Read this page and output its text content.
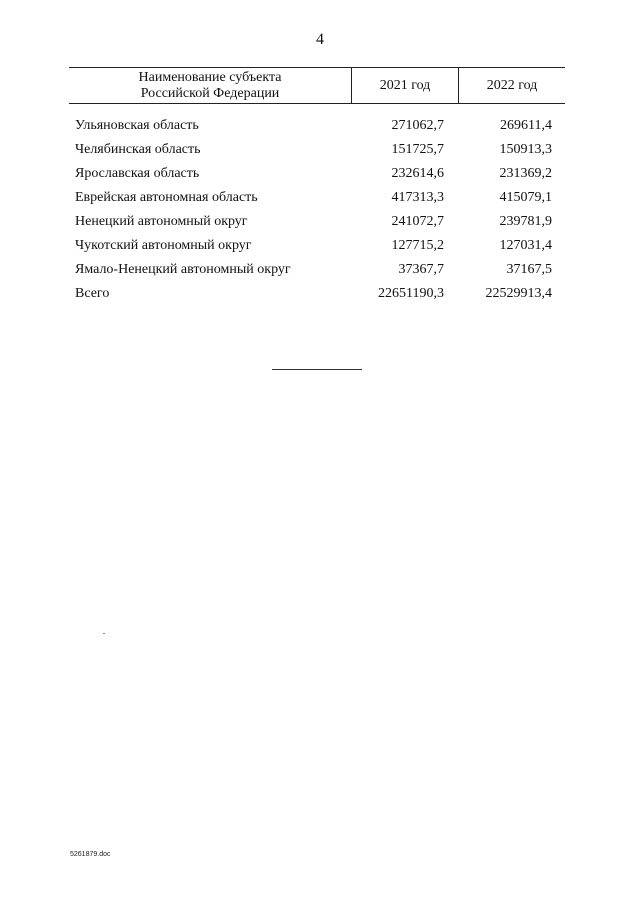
4
Наименование субъекта
Российской Федерации
2021 год	2022 год
Ульяновская область	271062,7	269611,4
Челябинская область	151725,7	150913,3
Ярославская область	232614,6	231369,2
Еврейская автономная область	417313,3	415079,1
Ненецкий автономный округ	241072,7	239781,9
Чукотский автономный округ	127715,2	127031,4
Ямало-Ненецкий автономный округ	37367,7	37167,5
Всего	22651190,3	22529913,4
5261879.doc
